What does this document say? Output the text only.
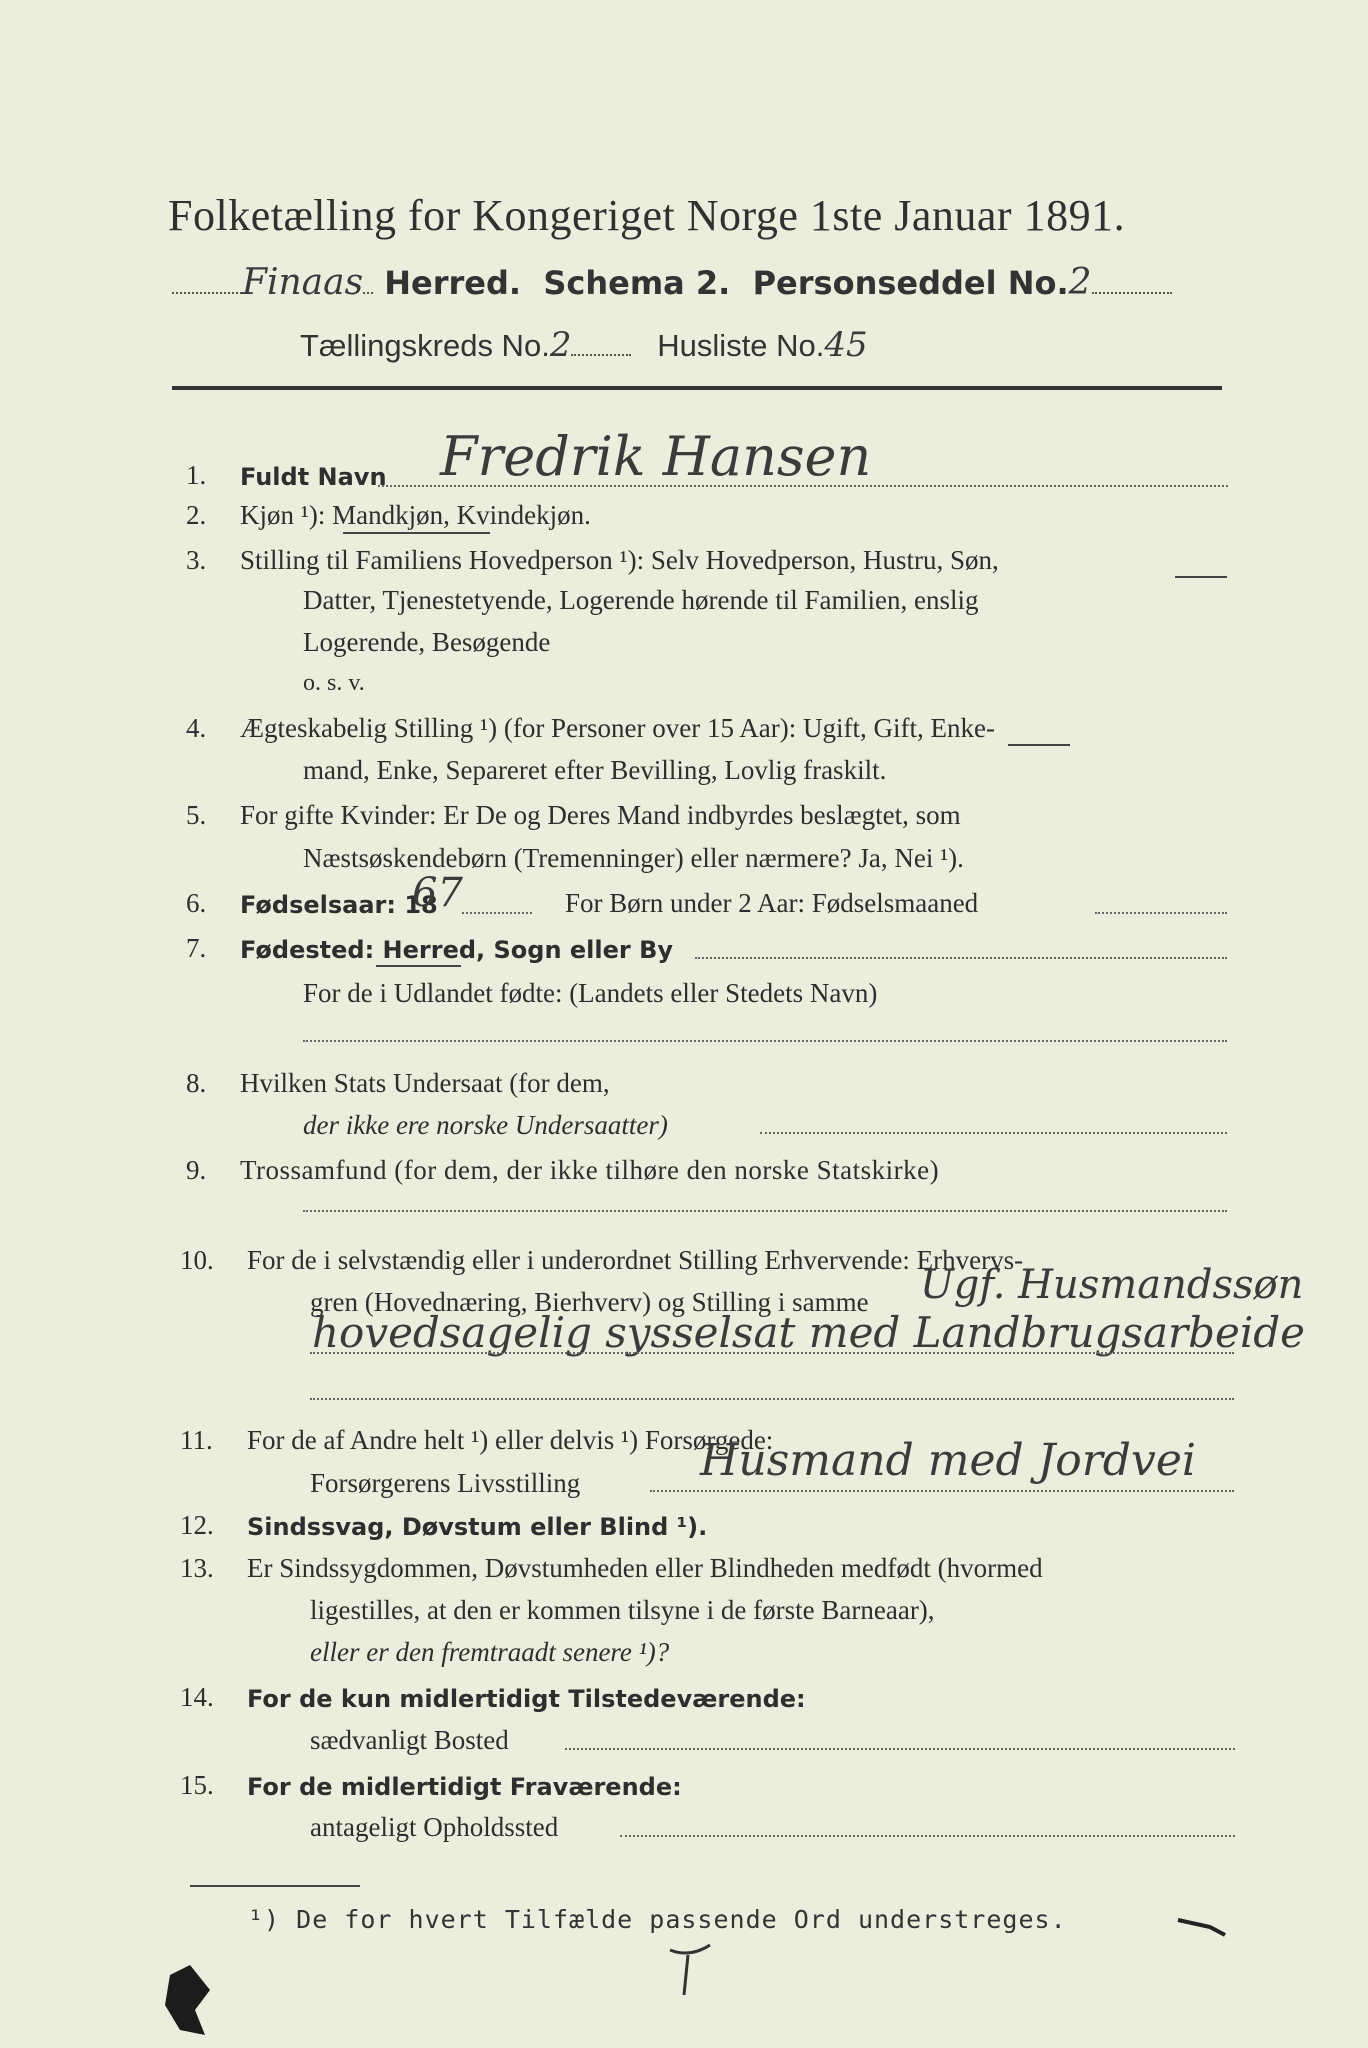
Folketælling for Kongeriget Norge 1ste Januar 1891.
Finaas Herred. Schema 2. Personseddel No.2
Tællingskreds No.2	Husliste No.45
1. Fuldt Navn Fredrik Hansen
2. Kjøn ¹): Mandkjøn, Kvindekjøn.
3. Stilling til Familiens Hovedperson ¹): Selv Hovedperson, Hustru, Søn,
Datter, Tjenestetyende, Logerende hørende til Familien, enslig
Logerende, Besøgende
o. s. v.
4. Ægteskabelig Stilling ¹) (for Personer over 15 Aar): Ugift, Gift, Enke-
mand, Enke, Separeret efter Bevilling, Lovlig fraskilt.
5. For gifte Kvinder: Er De og Deres Mand indbyrdes beslægtet, som
Næstsøskendebørn (Tremenninger) eller nærmere? Ja, Nei ¹).
6. Fødselsaar: 18
67	For Børn under 2 Aar: Fødselsmaaned
7. Fødested: Herred, Sogn eller By
For de i Udlandet fødte: (Landets eller Stedets Navn)
8. Hvilken Stats Undersaat (for dem,
der ikke ere norske Undersaatter)
9. Trossamfund (for dem, der ikke tilhøre den norske Statskirke)
10. For de i selvstændig eller i underordnet Stilling Erhvervende: Erhvervs-
gren (Hovednæring, Bierhverv) og Stilling i samme Ugf. Husmandssøn
hovedsagelig sysselsat med Landbrugsarbeide
11. For de af Andre helt ¹) eller delvis ¹) Forsørgede:
Forsørgerens Livsstilling	Husmand med Jordvei
12. Sindssvag, Døvstum eller Blind ¹).
13. Er Sindssygdommen, Døvstumheden eller Blindheden medfødt (hvormed
ligestilles, at den er kommen tilsyne i de første Barneaar),
eller er den fremtraadt senere ¹)?
14. For de kun midlertidigt Tilstedeværende:
sædvanligt Bosted
15. For de midlertidigt Fraværende:
antageligt Opholdssted
¹) De for hvert Tilfælde passende Ord understreges.
